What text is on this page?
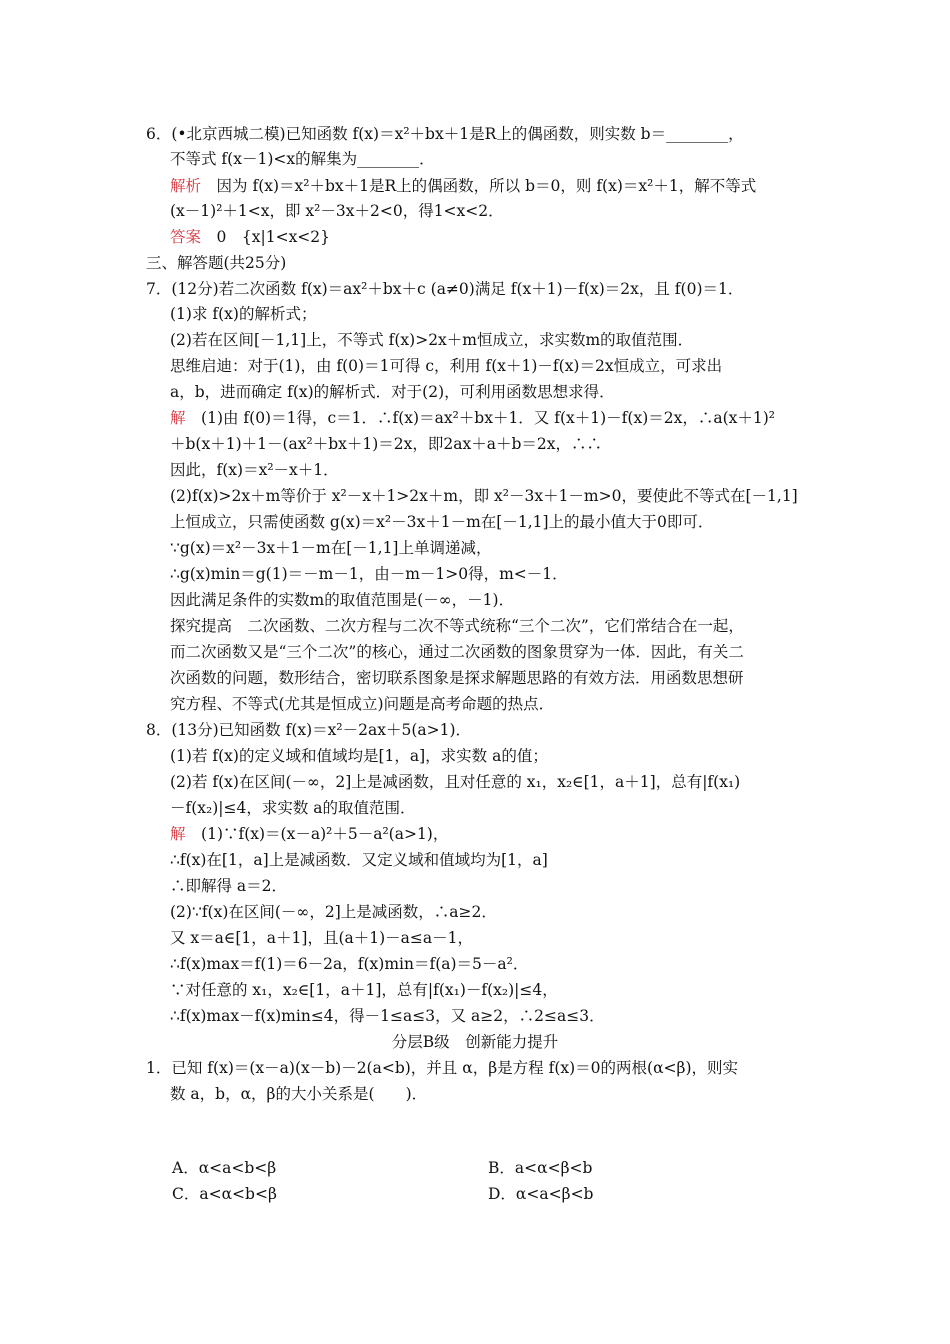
6．(•北京西城二模)已知函数 f(x)＝x²＋bx＋1是R上的偶函数，则实数 b＝________，
不等式 f(x－1)<x的解集为________．
解析　 因为 f(x)＝x²＋bx＋1是R上的偶函数，所以 b＝0，则 f(x)＝x²＋1，解不等式
(x－1)²＋1<x，即 x²－3x＋2<0，得1<x<2．
答案　 0　{x|1<x<2}
三、解答题(共25分)
7．(12分)若二次函数 f(x)＝ax²＋bx＋c (a≠0)满足 f(x＋1)－f(x)＝2x，且 f(0)＝1．
(1)求 f(x)的解析式；
(2)若在区间[－1,1]上，不等式 f(x)>2x＋m恒成立，求实数m的取值范围．
思维启迪：对于(1)，由 f(0)＝1可得 c，利用 f(x＋1)－f(x)＝2x恒成立，可求出
a，b，进而确定 f(x)的解析式．对于(2)，可利用函数思想求得．
解　 (1)由 f(0)＝1得，c＝1．∴f(x)＝ax²＋bx＋1．又 f(x＋1)－f(x)＝2x，∴a(x＋1)²
＋b(x＋1)＋1－(ax²＋bx＋1)＝2x，即2ax＋a＋b＝2x，∴∴
因此，f(x)＝x²－x＋1．
(2)f(x)>2x＋m等价于 x²－x＋1>2x＋m，即 x²－3x＋1－m>0，要使此不等式在[－1,1]
上恒成立，只需使函数 g(x)＝x²－3x＋1－m在[－1,1]上的最小值大于0即可．
∵g(x)＝x²－3x＋1－m在[－1,1]上单调递减，
∴g(x)min＝g(1)＝－m－1，由－m－1>0得，m<－1．
因此满足条件的实数m的取值范围是(－∞，－1)．
探究提高　二次函数、二次方程与二次不等式统称“三个二次”，它们常结合在一起，
而二次函数又是“三个二次”的核心，通过二次函数的图象贯穿为一体．因此，有关二
次函数的问题，数形结合，密切联系图象是探求解题思路的有效方法．用函数思想研
究方程、不等式(尤其是恒成立)问题是高考命题的热点．
8．(13分)已知函数 f(x)＝x²－2ax＋5(a>1)．
(1)若 f(x)的定义域和值域均是[1，a]，求实数 a的值；
(2)若 f(x)在区间(－∞，2]上是减函数，且对任意的 x₁，x₂∈[1，a＋1]，总有|f(x₁)
－f(x₂)|≤4，求实数 a的取值范围．
解　 (1)∵f(x)＝(x－a)²＋5－a²(a>1)，
∴f(x)在[1，a]上是减函数．又定义域和值域均为[1，a]
∴即解得 a＝2．
(2)∵f(x)在区间(－∞，2]上是减函数，∴a≥2．
又 x＝a∈[1，a＋1]，且(a＋1)－a≤a－1，
∴f(x)max＝f(1)＝6－2a，f(x)min＝f(a)＝5－a²．
∵对任意的 x₁，x₂∈[1，a＋1]，总有|f(x₁)－f(x₂)|≤4，
∴f(x)max－f(x)min≤4，得－1≤a≤3，又 a≥2，∴2≤a≤3．
分层B级　创新能力提升
1．已知 f(x)＝(x－a)(x－b)－2(a<b)，并且 α，β是方程 f(x)＝0的两根(α<β)，则实
数 a，b，α，β的大小关系是(　　)．
A．α<a<b<β	B．a<α<β<b
C．a<α<b<β	D．α<a<β<b
